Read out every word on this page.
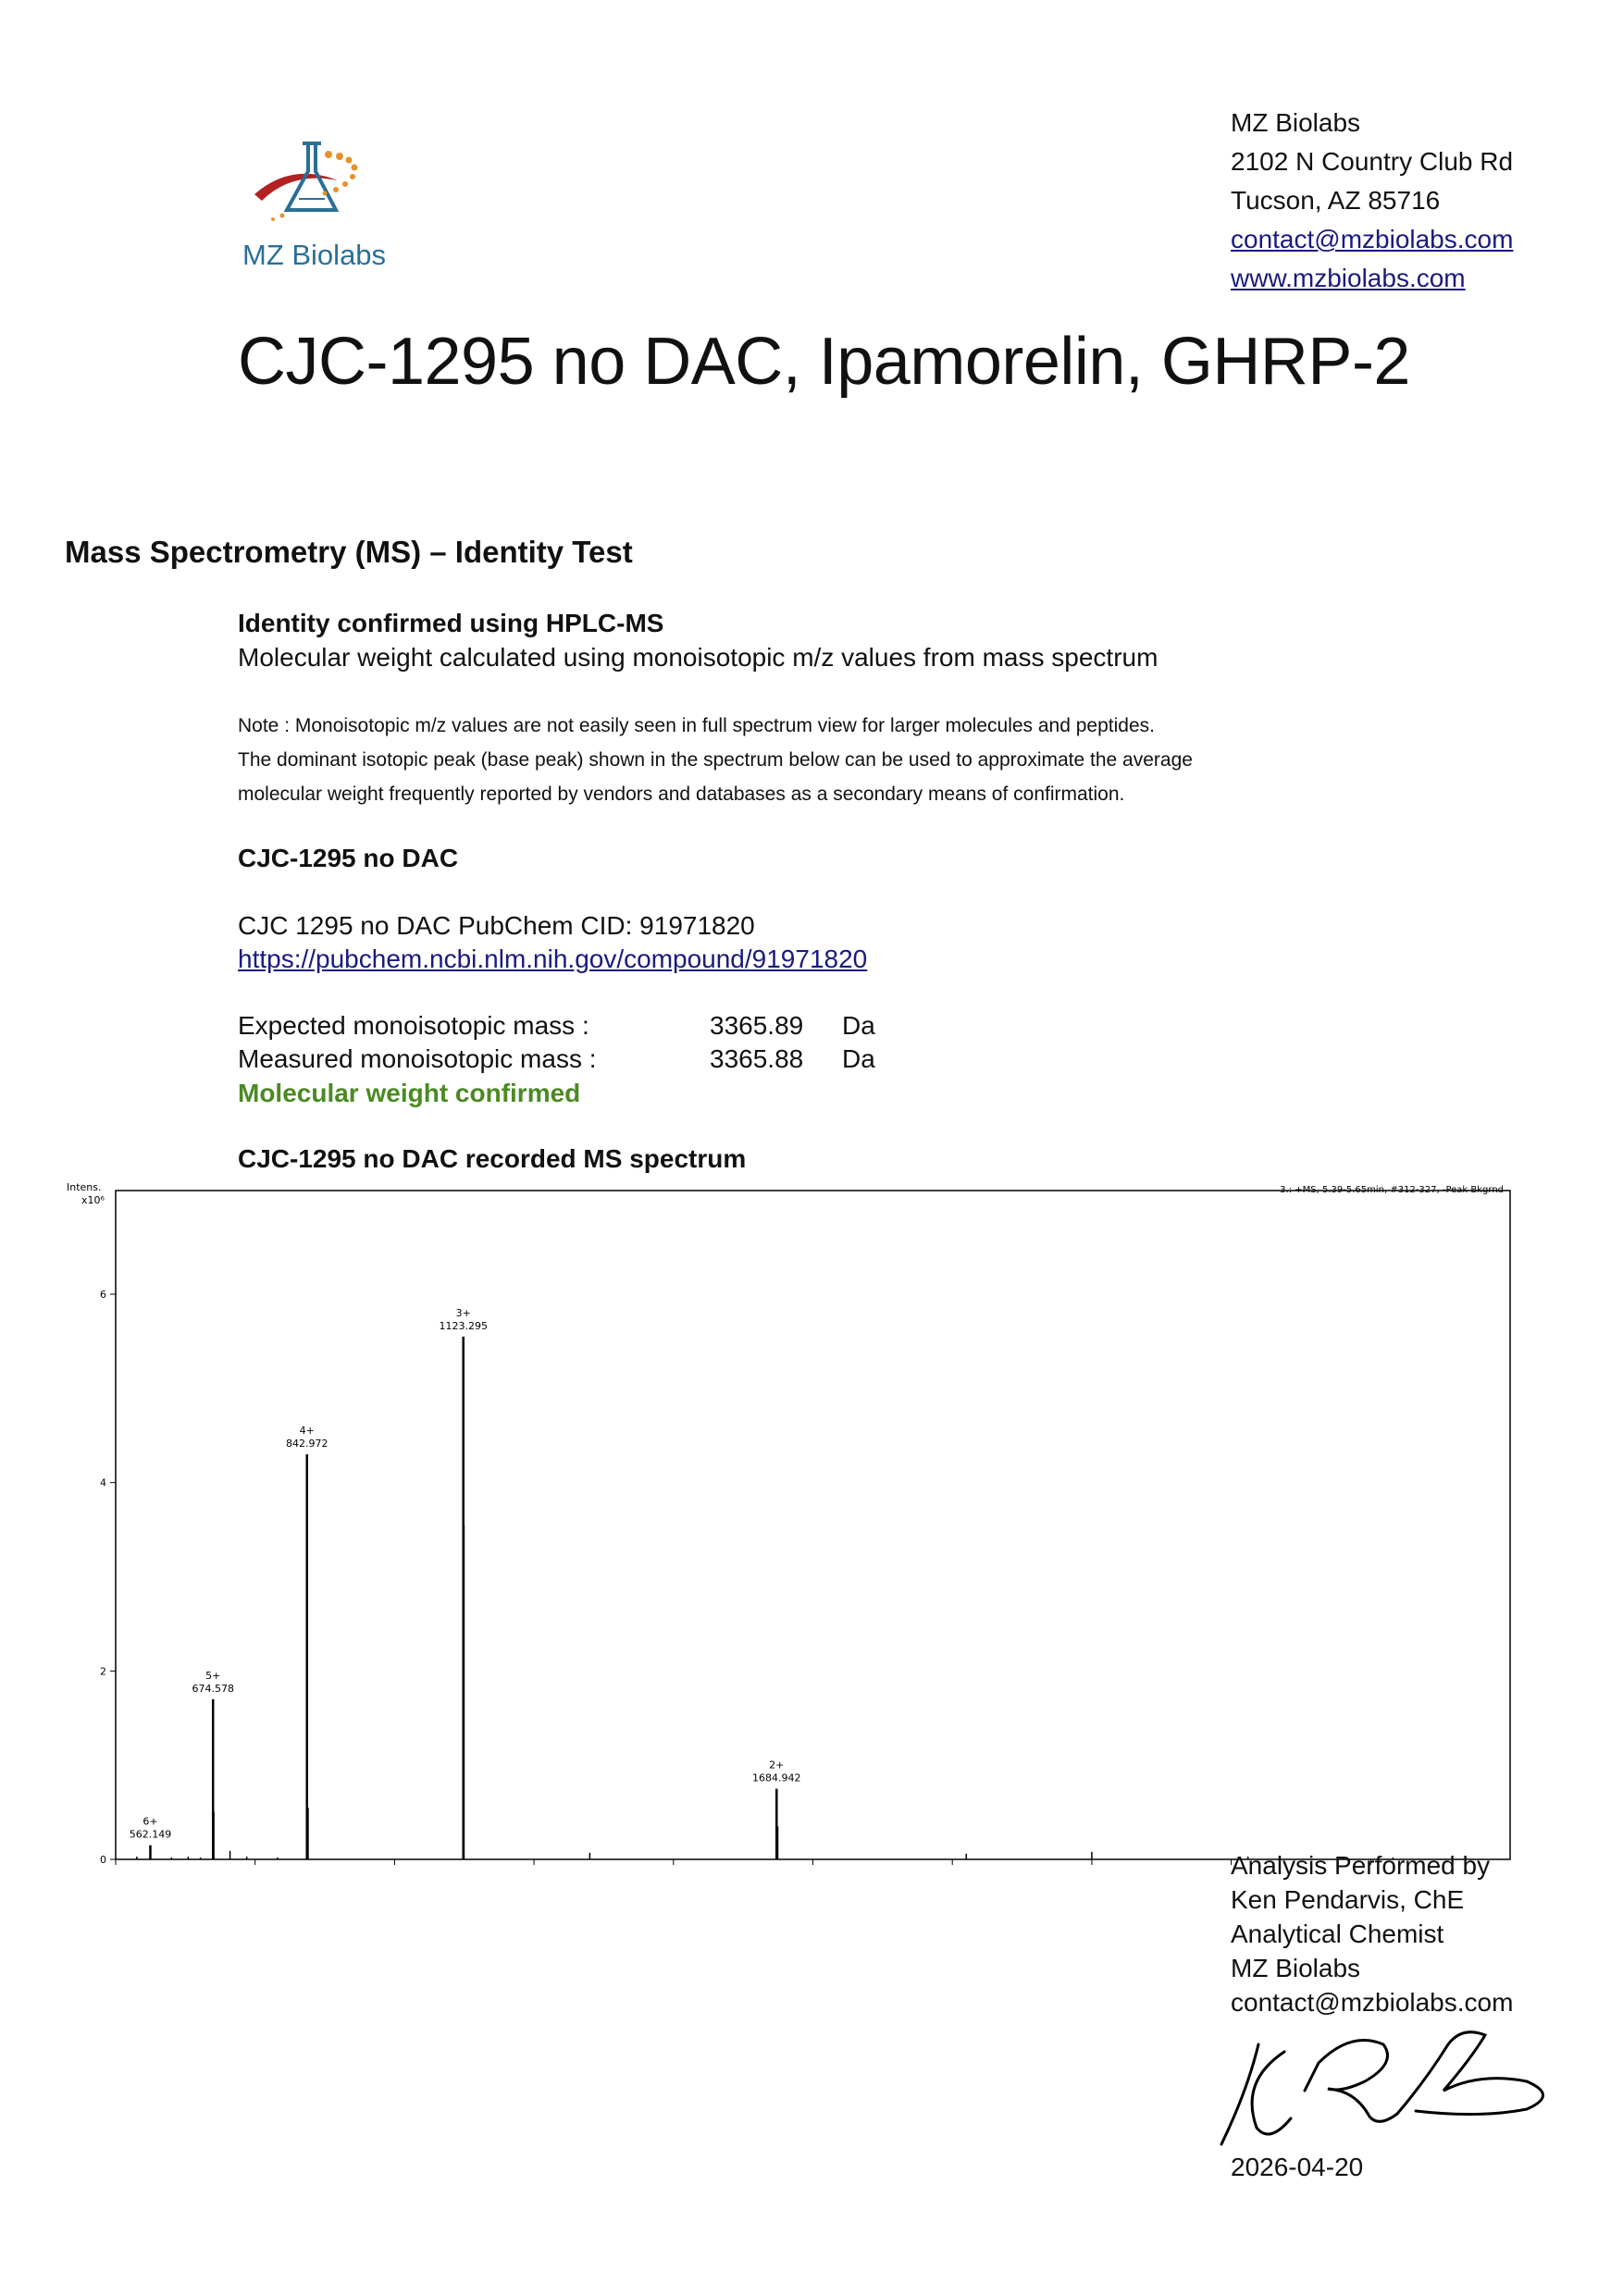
MZ Biolabs
MZ Biolabs
2102 N Country Club Rd
Tucson, AZ 85716
contact@mzbiolabs.com
www.mzbiolabs.com
CJC-1295 no DAC, Ipamorelin, GHRP-2
Mass Spectrometry (MS) – Identity Test
Identity confirmed using HPLC-MS
Molecular weight calculated using monoisotopic m/z values from mass spectrum
Note : Monoisotopic m/z values are not easily seen in full spectrum view for larger molecules and peptides.
The dominant isotopic peak (base peak) shown in the spectrum below can be used to approximate the average
molecular weight frequently reported by vendors and databases as a secondary means of confirmation.
CJC-1295 no DAC
CJC 1295 no DAC PubChem CID: 91971820
https://pubchem.ncbi.nlm.nih.gov/compound/91971820
Expected monoisotopic mass :	3365.89 Da
Measured monoisotopic mass :	3365.88 Da
Molecular weight confirmed
CJC-1295 no DAC recorded MS spectrum
Intens.
x10⁶
3.: +MS, 5.39-5.65min, #312-327, -Peak Bkgrnd
0
2
4
6
6+
562.149
5+
674.578
4+
842.972
3+
1123.295
2+
1684.942
Analysis Performed by
Ken Pendarvis, ChE
Analytical Chemist
MZ Biolabs
contact@mzbiolabs.com
2026-04-20
